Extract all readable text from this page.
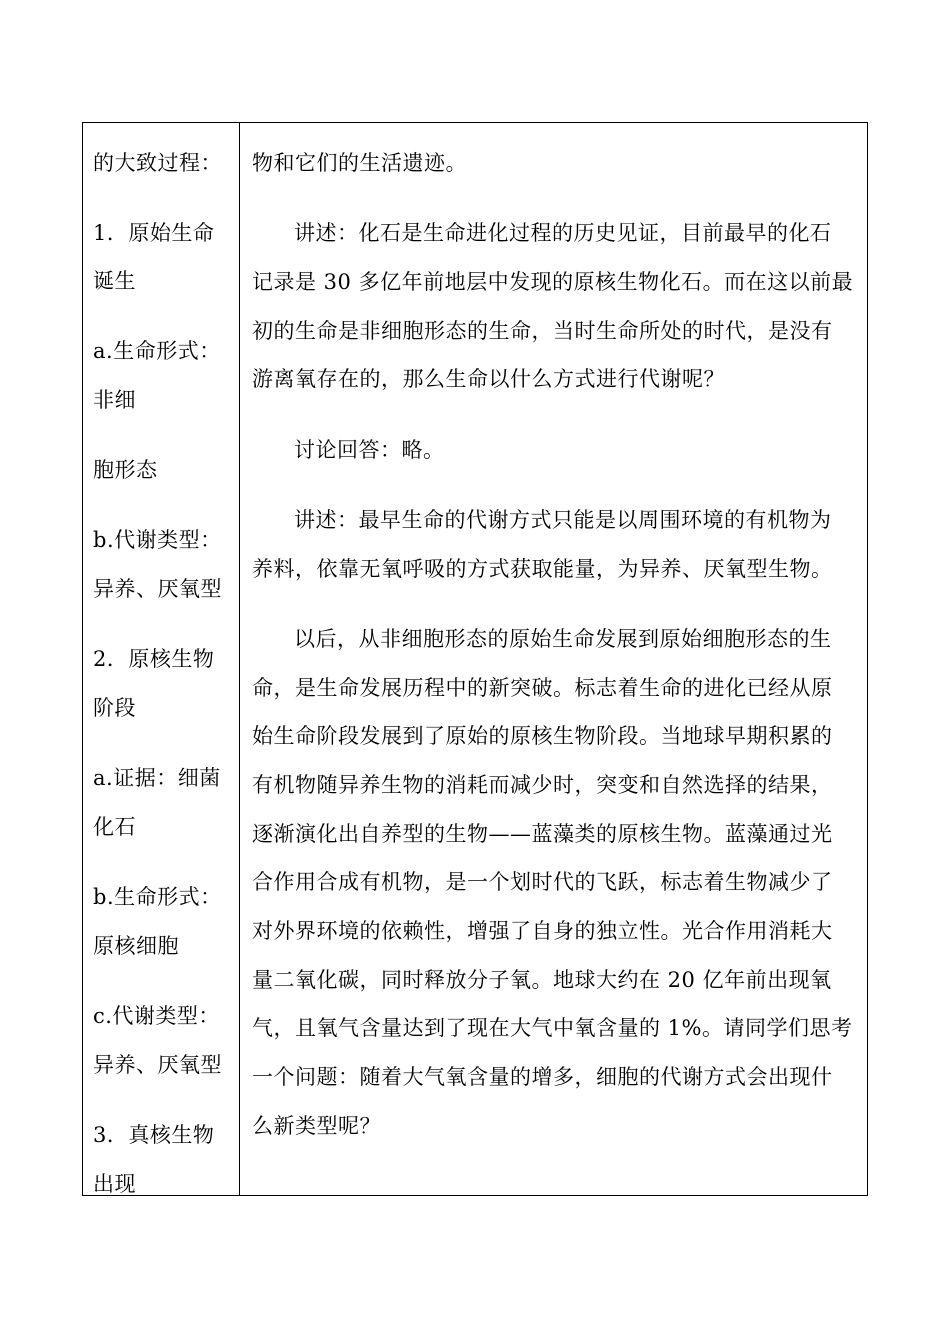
的大致过程：
1．原始生命
诞生
a.生命形式：
非细
胞形态
b.代谢类型：
异养、厌氧型
2．原核生物
阶段
a.证据：细菌
化石
b.生命形式：
原核细胞
c.代谢类型：
异养、厌氧型
3．真核生物
出现
物和它们的生活遗迹。
讲述：化石是生命进化过程的历史见证，目前最早的化石
记录是 30 多亿年前地层中发现的原核生物化石。而在这以前最
初的生命是非细胞形态的生命，当时生命所处的时代，是没有
游离氧存在的，那么生命以什么方式进行代谢呢？
讨论回答：略。
讲述：最早生命的代谢方式只能是以周围环境的有机物为
养料，依靠无氧呼吸的方式获取能量，为异养、厌氧型生物。
以后，从非细胞形态的原始生命发展到原始细胞形态的生
命，是生命发展历程中的新突破。标志着生命的进化已经从原
始生命阶段发展到了原始的原核生物阶段。当地球早期积累的
有机物随异养生物的消耗而减少时，突变和自然选择的结果，
逐渐演化出自养型的生物——蓝藻类的原核生物。蓝藻通过光
合作用合成有机物，是一个划时代的飞跃，标志着生物减少了
对外界环境的依赖性，增强了自身的独立性。光合作用消耗大
量二氧化碳，同时释放分子氧。地球大约在 20 亿年前出现氧
气，且氧气含量达到了现在大气中氧含量的 1%。请同学们思考
一个问题：随着大气氧含量的增多，细胞的代谢方式会出现什
么新类型呢？
